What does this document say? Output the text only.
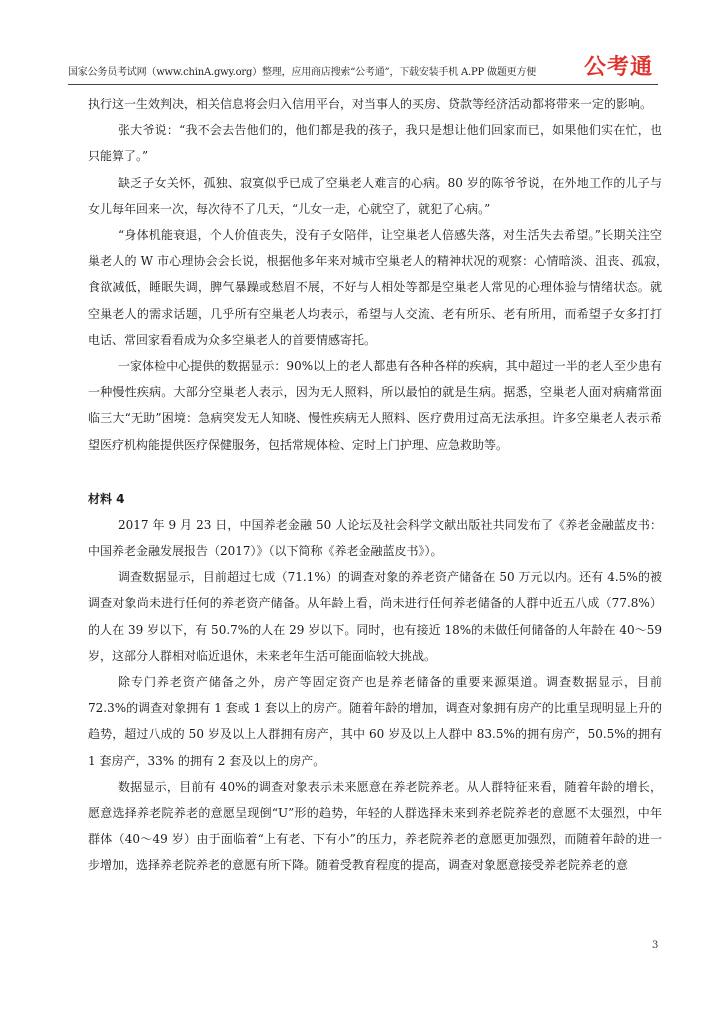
国家公务员考试网（www.chinA.gwy.org）整理，应用商店搜索“公考通”，下载安装手机 A.PP 做题更方便 公考通

执行这一生效判决，相关信息将会归入信用平台，对当事人的买房、贷款等经济活动都将带来一定的影响。

张大爷说：“我不会去告他们的，他们都是我的孩子，我只是想让他们回家而已，如果他们实在忙，也只能算了。”

缺乏子女关怀，孤独、寂寞似乎已成了空巢老人难言的心病。80 岁的陈爷爷说，在外地工作的儿子与女儿每年回来一次，每次待不了几天，“儿女一走，心就空了，就犯了心病。”

“身体机能衰退，个人价值丧失，没有子女陪伴，让空巢老人倍感失落，对生活失去希望。”长期关注空巢老人的 W 市心理协会会长说，根据他多年来对城市空巢老人的精神状况的观察：心情暗淡、沮丧、孤寂，　食欲减低，睡眠失调，脾气暴躁或愁眉不展，不好与人相处等都是空巢老人常见的心理体验与情绪状态。就空巢老人的需求话题，几乎所有空巢老人均表示，希望与人交流、老有所乐、老有所用，而希望子女多打打电话、常回家看看成为众多空巢老人的首要情感寄托。

一家体检中心提供的数据显示：90%以上的老人都患有各种各样的疾病，其中超过一半的老人至少患有一种慢性疾病。大部分空巢老人表示，因为无人照料，所以最怕的就是生病。据悉，空巢老人面对病痛常面临三大“无助”困境：急病突发无人知晓、慢性疾病无人照料、医疗费用过高无法承担。许多空巢老人表示希望医疗机构能提供医疗保健服务，包括常规体检、定时上门护理、应急救助等。

材料 4

2017 年 9 月 23 日，中国养老金融 50 人论坛及社会科学文献出版社共同发布了《养老金融蓝皮书：中国养老金融发展报告（2017）》（以下简称《养老金融蓝皮书》）。

调查数据显示，目前超过七成（71.1%）的调查对象的养老资产储备在 50 万元以内。还有 4.5%的被调查对象尚未进行任何的养老资产储备。从年龄上看，尚未进行任何养老储备的人群中近五八成（77.8%）的人在 39 岁以下，有 50.7%的人在 29 岁以下。同时，也有接近 18%的未做任何储备的人年龄在 40～59 岁，这部分人群相对临近退休，未来老年生活可能面临较大挑战。

除专门养老资产储备之外，房产等固定资产也是养老储备的重要来源渠道。调查数据显示，目前 72.3%的调查对象拥有 1 套或 1 套以上的房产。随着年龄的增加，调查对象拥有房产的比重呈现明显上升的趋势，超过八成的 50 岁及以上人群拥有房产，其中 60 岁及以上人群中 83.5%的拥有房产，50.5%的拥有 1 套房产，33% 的拥有 2 套及以上的房产。

数据显示，目前有 40%的调查对象表示未来愿意在养老院养老。从人群特征来看，随着年龄的增长，愿意选择养老院养老的意愿呈现倒“U”形的趋势，年轻的人群选择未来到养老院养老的意愿不太强烈，中年群体（40～49 岁）由于面临着“上有老、下有小”的压力，养老院养老的意愿更加强烈，而随着年龄的进一步增加，选择养老院养老的意愿有所下降。随着受教育程度的提高，调查对象愿意接受养老院养老的意

3
